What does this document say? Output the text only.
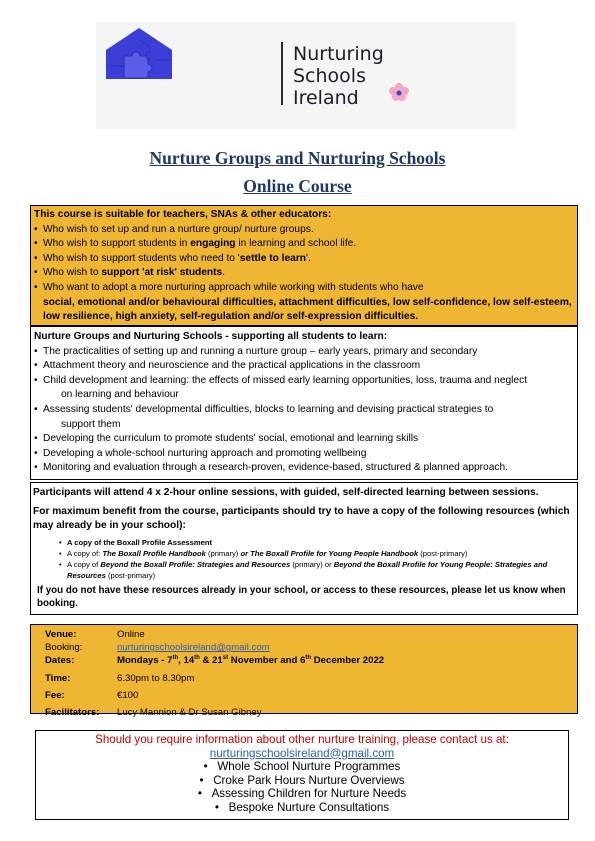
Nurturing
Schools
Ireland
Nurture Groups and Nurturing Schools
Online Course
This course is suitable for teachers, SNAs & other educators:
• Who wish to set up and run a nurture group/ nurture groups.
• Who wish to support students in engaging in learning and school life.
• Who wish to support students who need to 'settle to learn'.
• Who wish to support 'at risk' students.
• Who want to adopt a more nurturing approach while working with students who have
social, emotional and/or behavioural difficulties, attachment difficulties, low self-confidence, low self-esteem, low resilience, high anxiety, self-regulation and/or self-expression difficulties.
Nurture Groups and Nurturing Schools - supporting all students to learn:
• The practicalities of setting up and running a nurture group – early years, primary and secondary
• Attachment theory and neuroscience and the practical applications in the classroom
• Child development and learning: the effects of missed early learning opportunities, loss, trauma and neglect
on learning and behaviour
• Assessing students' developmental difficulties, blocks to learning and devising practical strategies to
support them
• Developing the curriculum to promote students' social, emotional and learning skills
• Developing a whole-school nurturing approach and promoting wellbeing
• Monitoring and evaluation through a research-proven, evidence-based, structured & planned approach.
Participants will attend 4 x 2-hour online sessions, with guided, self-directed learning between sessions.
For maximum benefit from the course, participants should try to have a copy of the following resources (which may already be in your school):
• A copy of the Boxall Profile Assessment
• A copy of: The Boxall Profile Handbook (primary) or The Boxall Profile for Young People Handbook (post-primary)
• A copy of Beyond the Boxall Profile: Strategies and Resources (primary) or Beyond the Boxall Profile for Young People: Strategies and Resources (post-primary)
If you do not have these resources already in your school, or access to these resources, please let us know when booking.
Venue:	Online
Booking:	nurturingschoolsireland@gmail.com
Dates:	Mondays - 7th, 14th & 21st November and 6th December 2022
Time:	6.30pm to 8.30pm
Fee:	€100
Facilitators:	Lucy Mannion & Dr Susan Gibney
Should you require information about other nurture training, please contact us at:
nurturingschoolsireland@gmail.com
•   Whole School Nurture Programmes
•   Croke Park Hours Nurture Overviews
•   Assessing Children for Nurture Needs
•   Bespoke Nurture Consultations
